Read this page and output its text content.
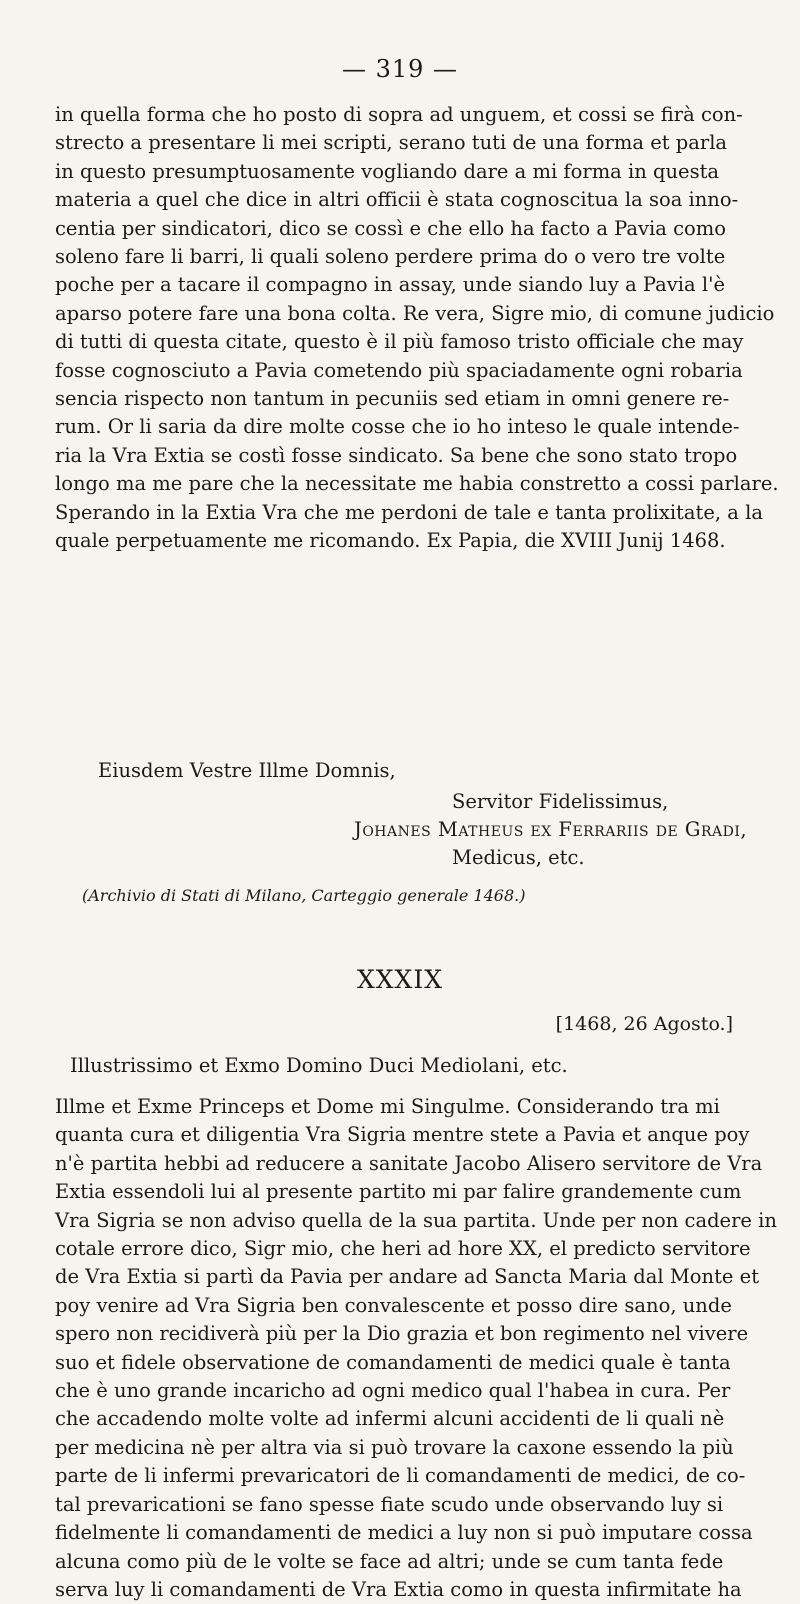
— 319 —
in quella forma che ho posto di sopra ad unguem, et cossi se firà con-
strecto a presentare li mei scripti, serano tuti de una forma et parla
in questo presumptuosamente vogliando dare a mi forma in questa
materia a quel che dice in altri officii è stata cognoscitua la soa inno-
centia per sindicatori, dico se cossì e che ello ha facto a Pavia como
soleno fare li barri, li quali soleno perdere prima do o vero tre volte
poche per a tacare il compagno in assay, unde siando luy a Pavia l'è
aparso potere fare una bona colta. Re vera, Sigre mio, di comune judicio
di tutti di questa citate, questo è il più famoso tristo officiale che may
fosse cognosciuto a Pavia cometendo più spaciadamente ogni robaria
sencia rispecto non tantum in pecuniis sed etiam in omni genere re-
rum. Or li saria da dire molte cosse che io ho inteso le quale intende-
ria la Vra Extia se costì fosse sindicato. Sa bene che sono stato tropo
longo ma me pare che la necessitate me habia constretto a cossi parlare.
Sperando in la Extia Vra che me perdoni de tale e tanta prolixitate, a la
quale perpetuamente me ricomando. Ex Papia, die XVIII Junij 1468.
Eiusdem Vestre Illme Domnis,
Servitor Fidelissimus,
Johanes Matheus ex Ferrariis de Gradi,
Medicus, etc.
(Archivio di Stati di Milano, Carteggio generale 1468.)
XXXIX
[1468, 26 Agosto.]
Illustrissimo et Exmo Domino Duci Mediolani, etc.
Illme et Exme Princeps et Dome mi Singulme. Considerando tra mi
quanta cura et diligentia Vra Sigria mentre stete a Pavia et anque poy
n'è partita hebbi ad reducere a sanitate Jacobo Alisero servitore de Vra
Extia essendoli lui al presente partito mi par falire grandemente cum
Vra Sigria se non adviso quella de la sua partita. Unde per non cadere in
cotale errore dico, Sigr mio, che heri ad hore XX, el predicto servitore
de Vra Extia si partì da Pavia per andare ad Sancta Maria dal Monte et
poy venire ad Vra Sigria ben convalescente et posso dire sano, unde
spero non recidiverà più per la Dio grazia et bon regimento nel vivere
suo et fidele observatione de comandamenti de medici quale è tanta
che è uno grande incaricho ad ogni medico qual l'habea in cura. Per
che accadendo molte volte ad infermi alcuni accidenti de li quali nè
per medicina nè per altra via si può trovare la caxone essendo la più
parte de li infermi prevaricatori de li comandamenti de medici, de co-
tal prevaricationi se fano spesse fiate scudo unde observando luy si
fidelmente li comandamenti de medici a luy non si può imputare cossa
alcuna como più de le volte se face ad altri; unde se cum tanta fede
serva luy li comandamenti de Vra Extia como in questa infirmitate ha
